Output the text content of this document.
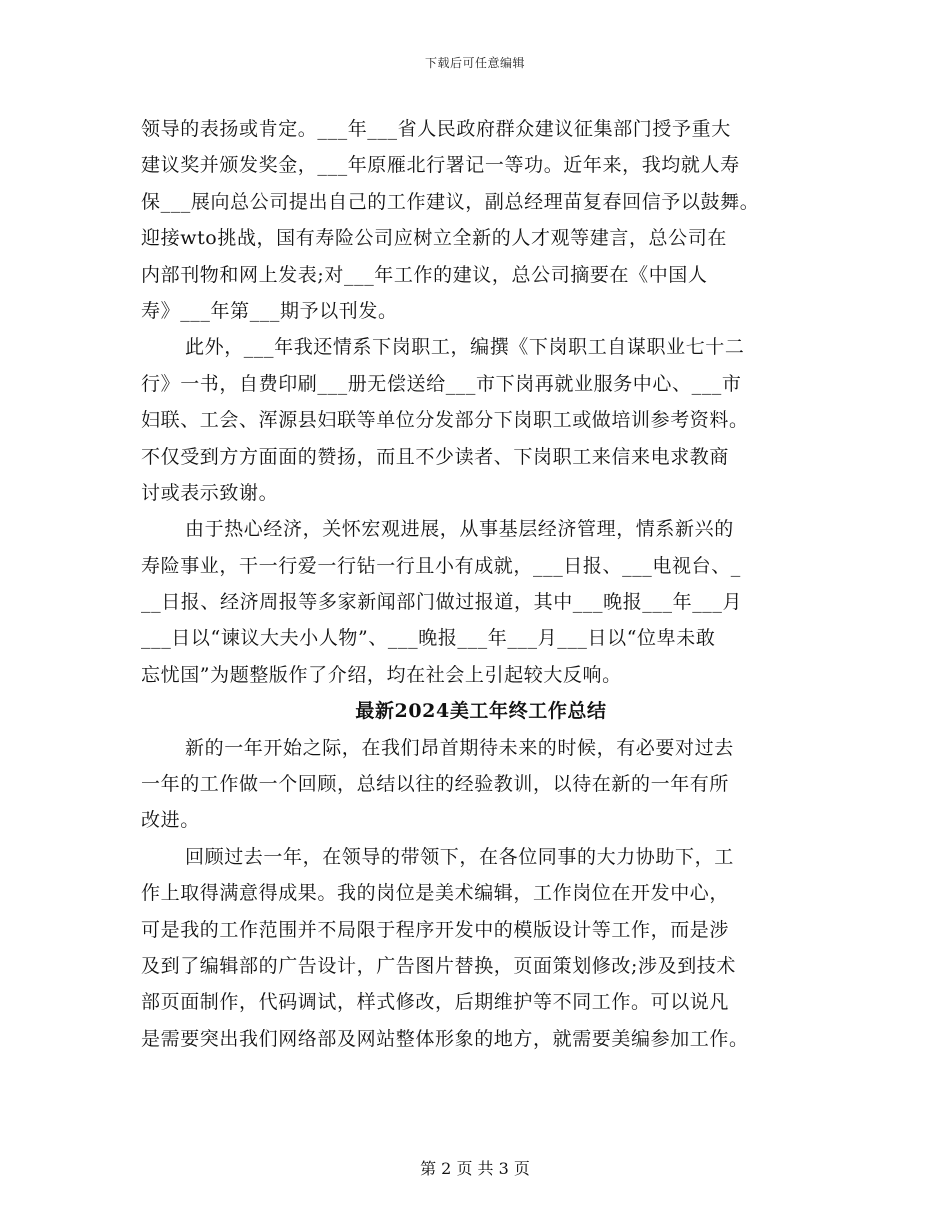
下载后可任意编辑
领导的表扬或肯定。___年___省人民政府群众建议征集部门授予重大
建议奖并颁发奖金，___年原雁北行署记一等功。近年来，我均就人寿
保___展向总公司提出自己的工作建议，副总经理苗复春回信予以鼓舞。
迎接wto挑战，国有寿险公司应树立全新的人才观等建言，总公司在
内部刊物和网上发表;对___年工作的建议，总公司摘要在《中国人
寿》___年第___期予以刊发。
此外，___年我还情系下岗职工，编撰《下岗职工自谋职业七十二
行》一书，自费印刷___册无偿送给___市下岗再就业服务中心、___市
妇联、工会、浑源县妇联等单位分发部分下岗职工或做培训参考资料。
不仅受到方方面面的赞扬，而且不少读者、下岗职工来信来电求教商
讨或表示致谢。
由于热心经济，关怀宏观进展，从事基层经济管理，情系新兴的
寿险事业，干一行爱一行钻一行且小有成就，___日报、___电视台、_
__日报、经济周报等多家新闻部门做过报道，其中___晚报___年___月
___日以“谏议大夫小人物”、___晚报___年___月___日以“位卑未敢
忘忧国”为题整版作了介绍，均在社会上引起较大反响。
最新2024美工年终工作总结
新的一年开始之际，在我们昂首期待未来的时候，有必要对过去
一年的工作做一个回顾，总结以往的经验教训，以待在新的一年有所
改进。
回顾过去一年，在领导的带领下，在各位同事的大力协助下，工
作上取得满意得成果。我的岗位是美术编辑，工作岗位在开发中心，
可是我的工作范围并不局限于程序开发中的模版设计等工作，而是涉
及到了编辑部的广告设计，广告图片替换，页面策划修改;涉及到技术
部页面制作，代码调试，样式修改，后期维护等不同工作。可以说凡
是需要突出我们网络部及网站整体形象的地方，就需要美编参加工作。
第 2 页 共 3 页
